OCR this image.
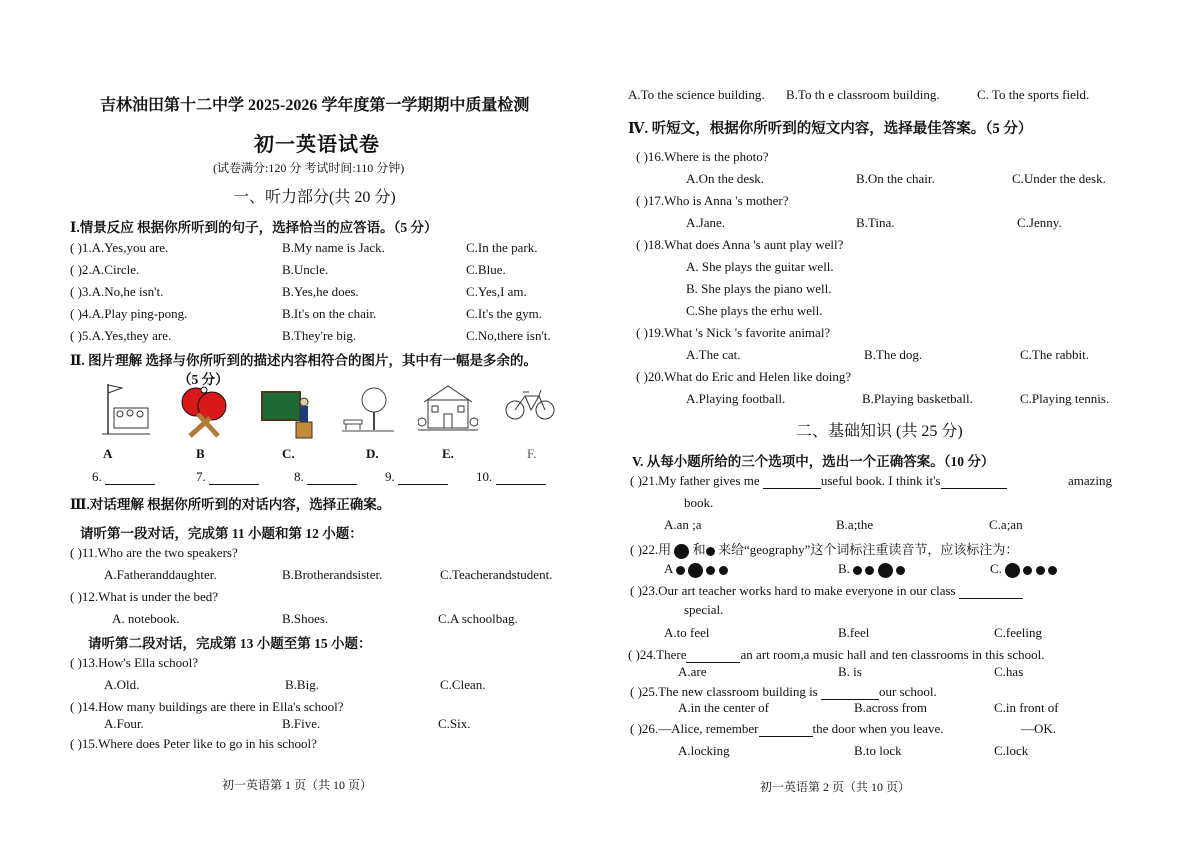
吉林油田第十二中学 2025-2026 学年度第一学期期中质量检测
初一英语试卷
(试卷满分:120 分 考试时间:110 分钟)
一、听力部分(共 20 分)
Ⅰ.情景反应 根据你所听到的句子，选择恰当的应答语。（5 分）
( )1.A.Yes,you are.	B.My name is Jack.	C.In the park.
( )2.A.Circle.	B.Uncle.	C.Blue.
( )3.A.No,he isn't.	B.Yes,he does.	C.Yes,I am.
( )4.A.Play ping-pong.	B.It's on the chair.	C.It's the gym.
( )5.A.Yes,they are.	B.They're big.	C.No,there isn't.
Ⅱ. 图片理解 选择与你所听到的描述内容相符合的图片，其中有一幅是多余的。
（5 分）
A	B	C.	D.	E.	F.
6.	7.	8.	9.	10.
Ⅲ.对话理解 根据你所听到的对话内容，选择正确案。
请听第一段对话，完成第 11 小题和第 12 小题：
( )11.Who are the two speakers?
A.Fatheranddaughter.	B.Brotherandsister.	C.Teacherandstudent.
( )12.What is under the bed?
A. notebook.	B.Shoes.	C.A schoolbag.
请听第二段对话，完成第 13 小题至第 15 小题：
( )13.How's Ella school?
A.Old.	B.Big.	C.Clean.
( )14.How many buildings are there in Ella's school?
A.Four.	B.Five.	C.Six.
( )15.Where does Peter like to go in his school?
初一英语第 1 页（共 10 页）
A.To the science building. B.To th e classroom building.	C. To the sports field.
Ⅳ. 听短文，根据你所听到的短文内容，选择最佳答案。（5 分）
( )16.Where is the photo?
A.On the desk.	B.On the chair.	C.Under the desk.
( )17.Who is Anna 's mother?
A.Jane.	B.Tina.	C.Jenny.
( )18.What does Anna 's aunt play well?
A. She plays the guitar well.
B. She plays the piano well.
C.She plays the erhu well.
( )19.What 's Nick 's favorite animal?
A.The cat.	B.The dog.	C.The rabbit.
( )20.What do Eric and Helen like doing?
A.Playing football.	B.Playing basketball.	C.Playing tennis.
二、基础知识 (共 25 分)
V. 从每小题所给的三个选项中，选出一个正确答案。（10 分）
( )21.My father gives me	useful book. I think it's	amazing
book.
A.an ;a	B.a;the	C.a;an
( )22.用 和 来给“geography”这个词标注重读音节，应该标注为：
A	B.	C.
( )23.Our art teacher works hard to make everyone in our class
special.
A.to feel	B.feel	C.feeling
( )24.There	an art room,a music hall and ten classrooms in this school.
A.are	B. is	C.has
( )25.The new classroom building is	our school.
A.in the center of	B.across from	C.in front of
( )26.—Alice, remember	the door when you leave.	—OK.
A.locking	B.to lock	C.lock
初一英语第 2 页（共 10 页）
